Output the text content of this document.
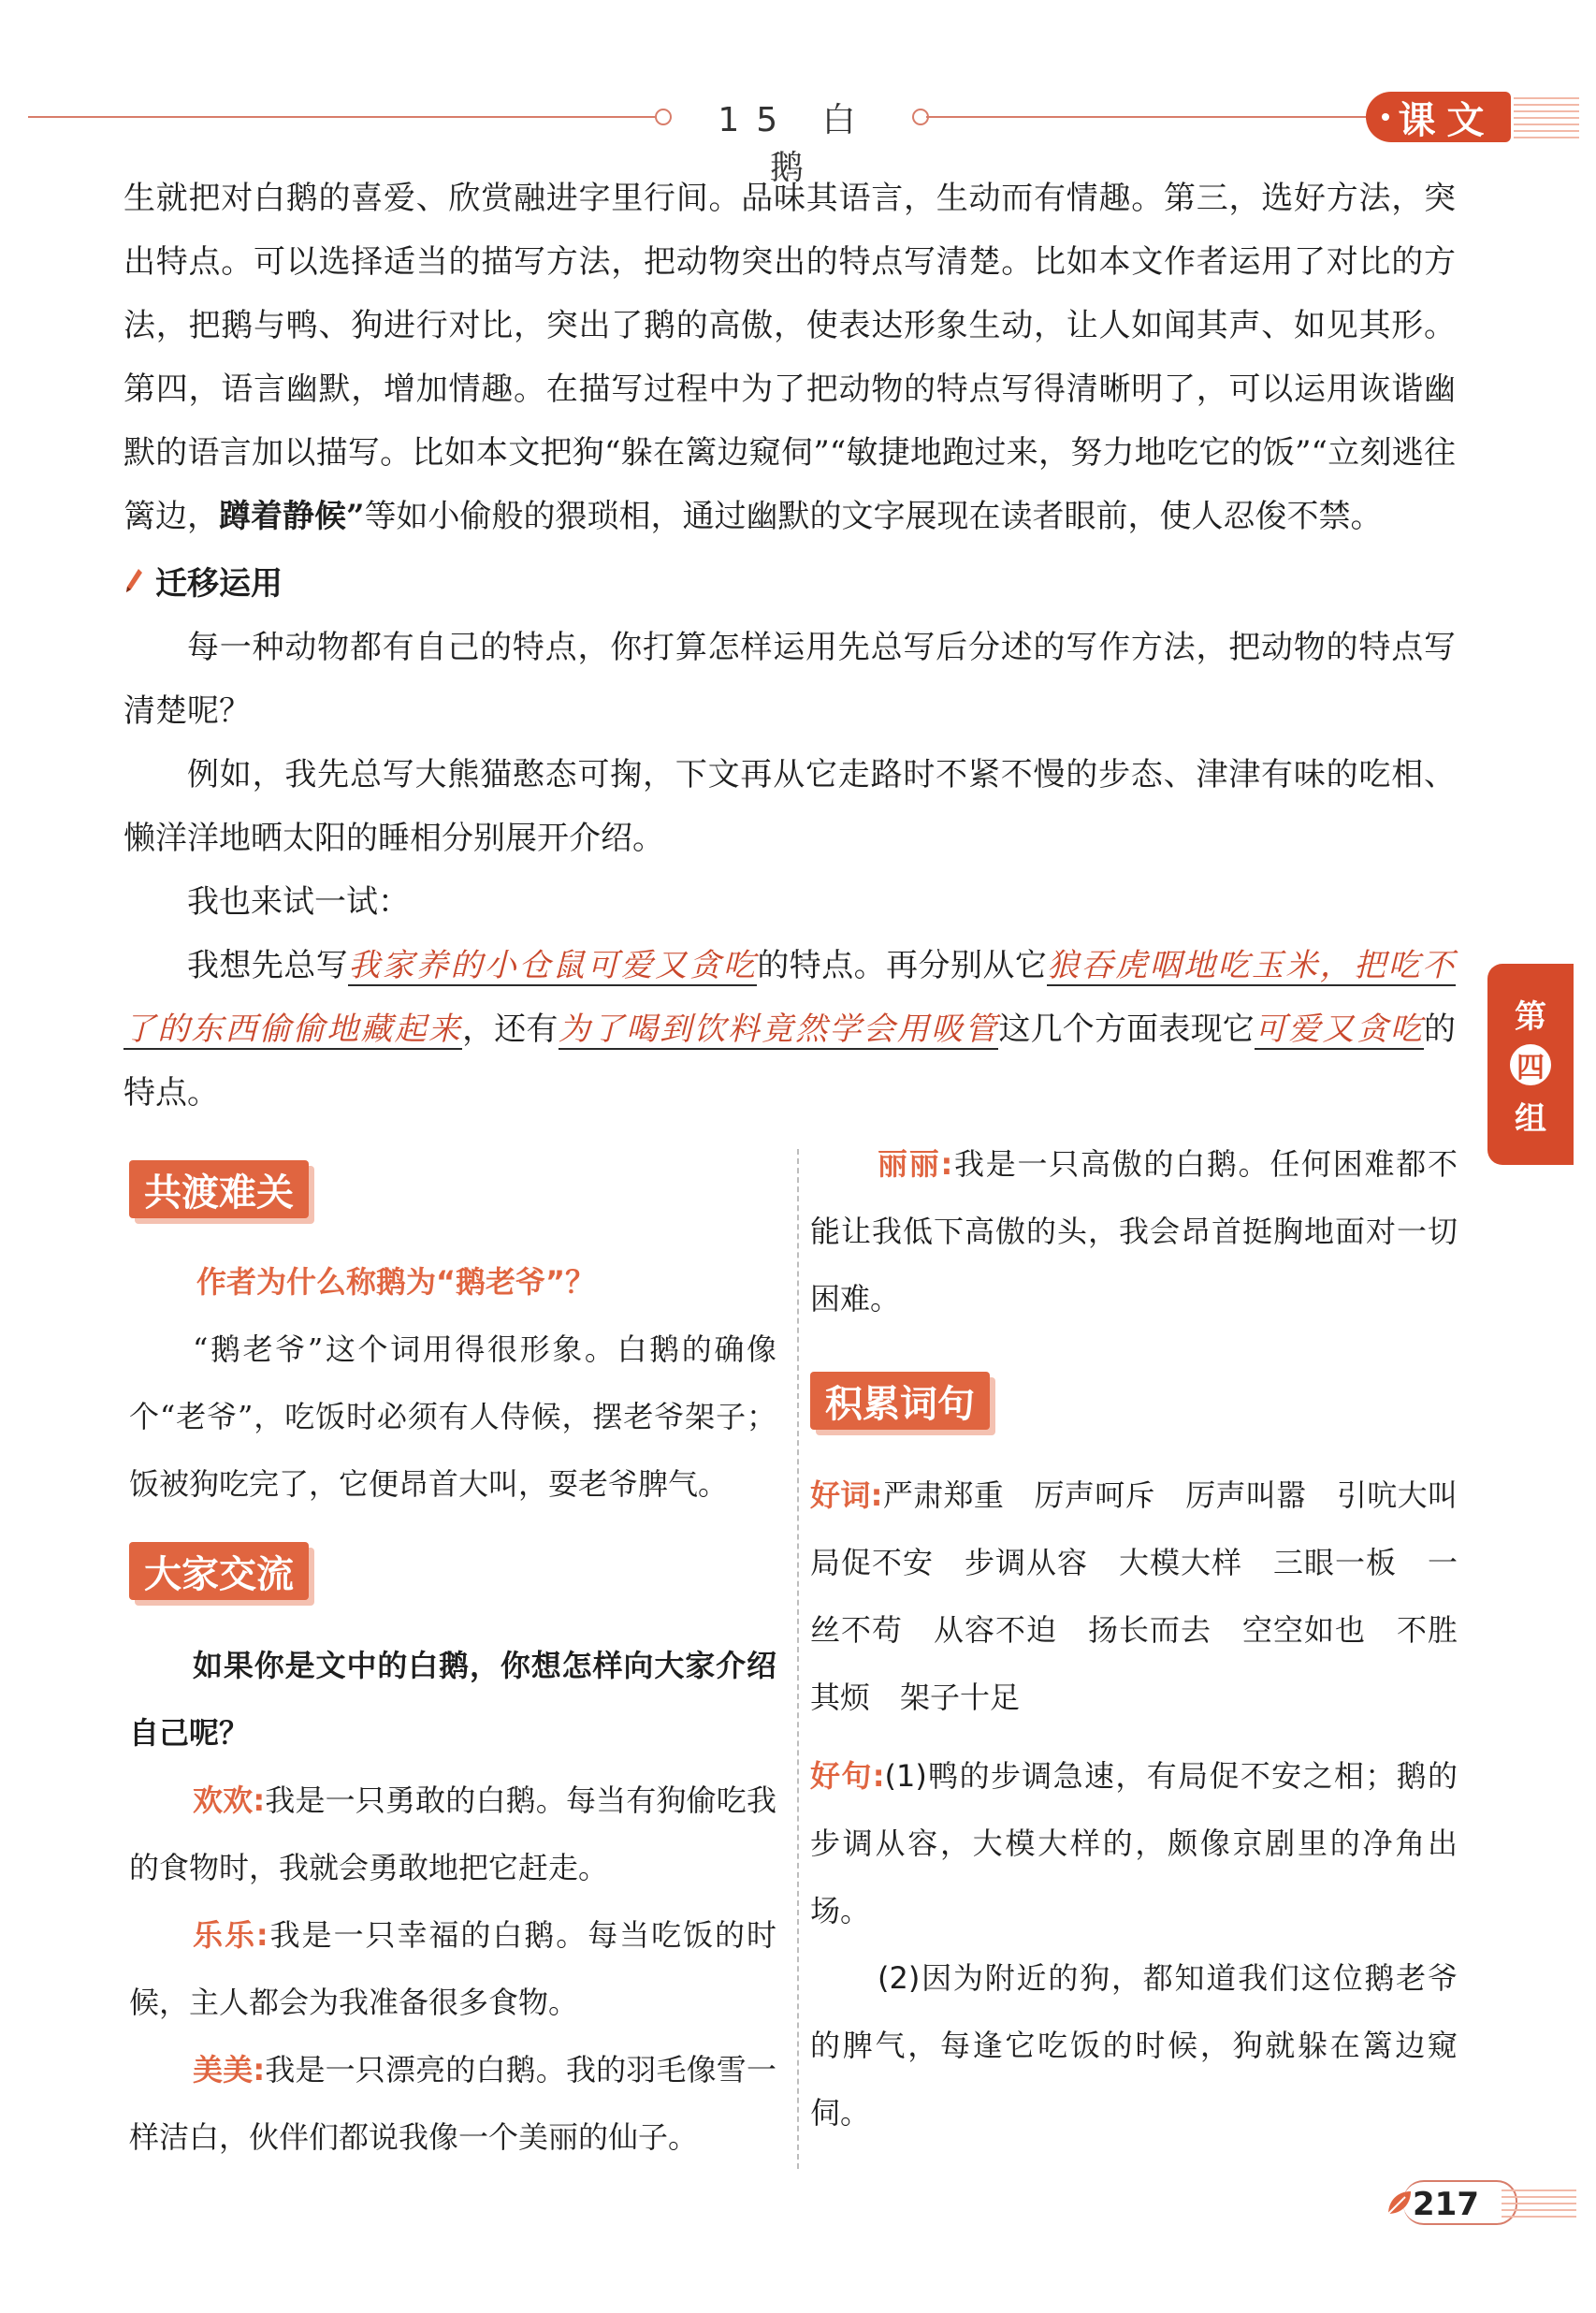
15 白 鹅
课文
生就把对白鹅的喜爱、欣赏融进字里行间。品味其语言，生动而有情趣。第三，选好方法，突出特点。可以选择适当的描写方法，把动物突出的特点写清楚。比如本文作者运用了对比的方法，把鹅与鸭、狗进行对比，突出了鹅的高傲，使表达形象生动，让人如闻其声、如见其形。第四，语言幽默，增加情趣。在描写过程中为了把动物的特点写得清晰明了，可以运用诙谐幽默的语言加以描写。比如本文把狗“躲在篱边窥伺”“敏捷地跑过来，努力地吃它的饭”“立刻逃往篱边，蹲着静候”等如小偷般的猥琐相，通过幽默的文字展现在读者眼前，使人忍俊不禁。
迁移运用
每一种动物都有自己的特点，你打算怎样运用先总写后分述的写作方法，把动物的特点写清楚呢？
例如，我先总写大熊猫憨态可掬，下文再从它走路时不紧不慢的步态、津津有味的吃相、懒洋洋地晒太阳的睡相分别展开介绍。
我也来试一试：
我想先总写我家养的小仓鼠可爱又贪吃的特点。再分别从它狼吞虎咽地吃玉米，把吃不了的东西偷偷地藏起来，还有为了喝到饮料竟然学会用吸管这几个方面表现它可爱又贪吃的特点。
第
四
组
共渡难关
作者为什么称鹅为“鹅老爷”？
“鹅老爷”这个词用得很形象。白鹅的确像个“老爷”，吃饭时必须有人侍候，摆老爷架子；饭被狗吃完了，它便昂首大叫，耍老爷脾气。
大家交流
如果你是文中的白鹅，你想怎样向大家介绍自己呢？
欢欢:我是一只勇敢的白鹅。每当有狗偷吃我的食物时，我就会勇敢地把它赶走。
乐乐:我是一只幸福的白鹅。每当吃饭的时候，主人都会为我准备很多食物。
美美:我是一只漂亮的白鹅。我的羽毛像雪一样洁白，伙伴们都说我像一个美丽的仙子。
丽丽:我是一只高傲的白鹅。任何困难都不能让我低下高傲的头，我会昂首挺胸地面对一切困难。
积累词句
好词:严肃郑重　厉声呵斥　厉声叫嚣　引吭大叫　局促不安　步调从容　大模大样　三眼一板　一丝不苟　从容不迫　扬长而去　空空如也　不胜其烦　架子十足
好句:(1)鸭的步调急速，有局促不安之相；鹅的步调从容，大模大样的，颇像京剧里的净角出场。
(2)因为附近的狗，都知道我们这位鹅老爷的脾气，每逢它吃饭的时候，狗就躲在篱边窥伺。
217
